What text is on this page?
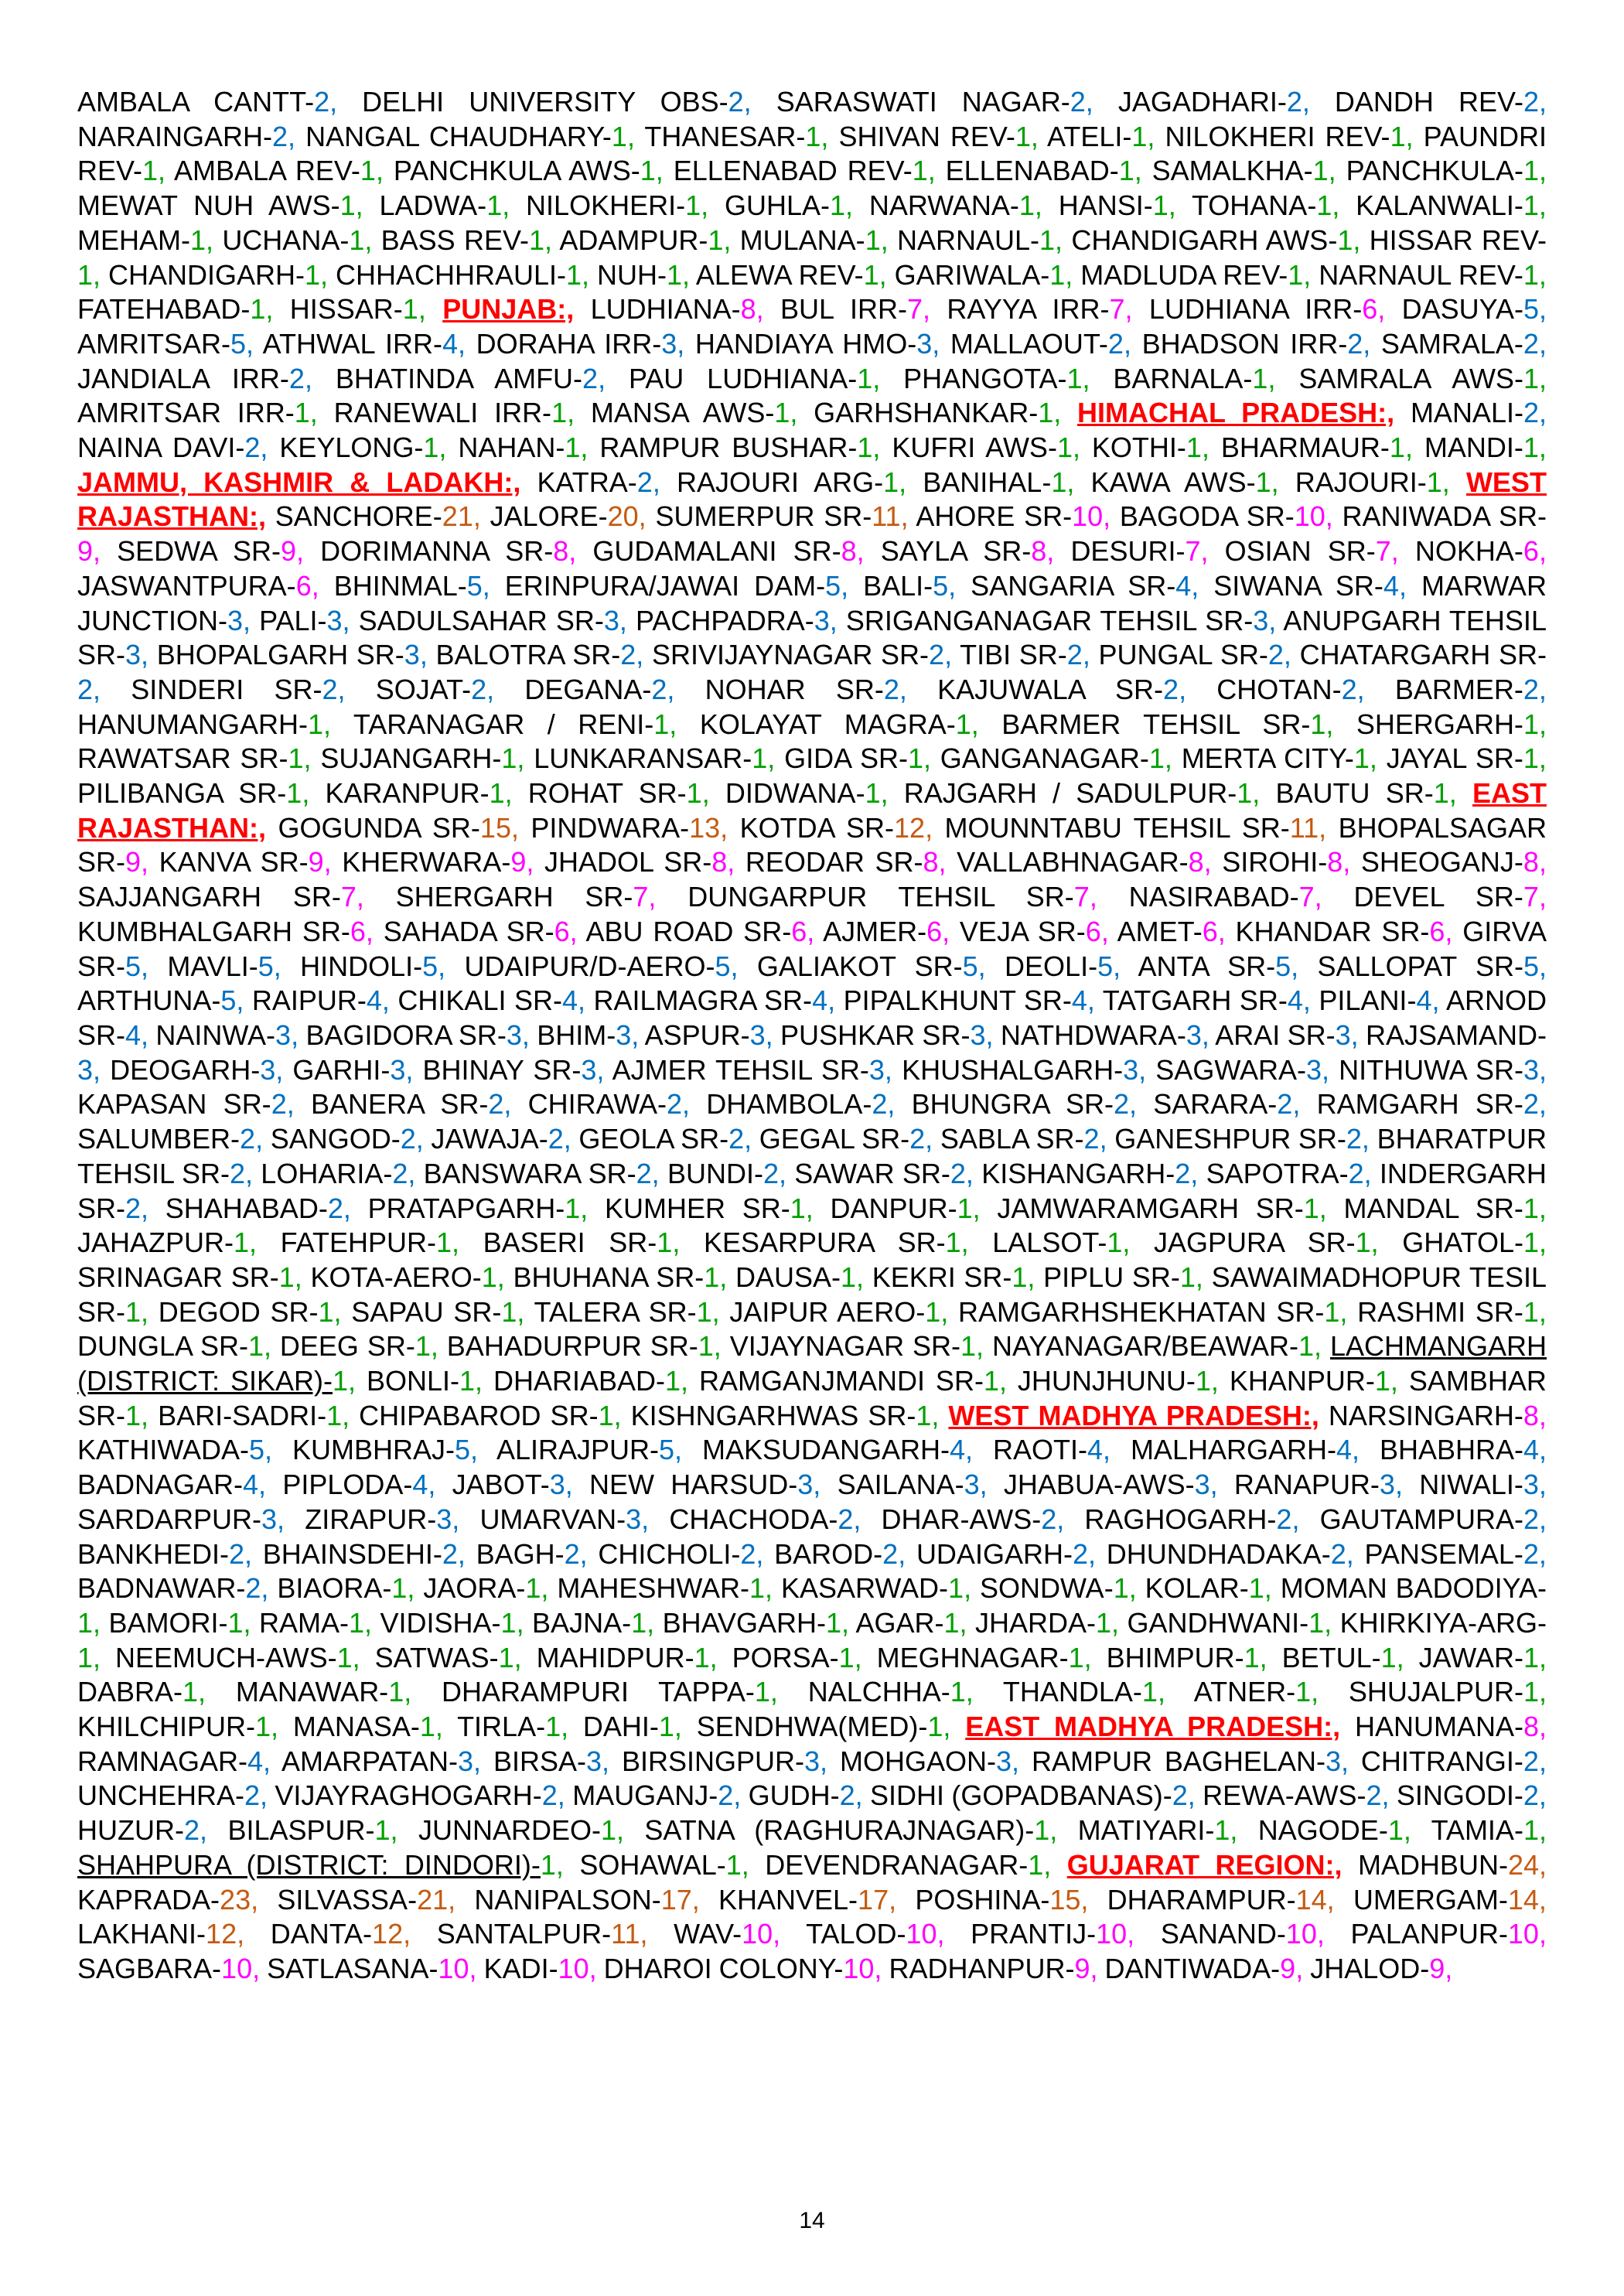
AMBALA CANTT-2, DELHI UNIVERSITY OBS-2, SARASWATI NAGAR-2, JAGADHARI-2, DANDH REV-2, NARAINGARH-2, NANGAL CHAUDHARY-1, THANESAR-1, SHIVAN REV-1, ATELI-1, NILOKHERI REV-1, PAUNDRI REV-1, AMBALA REV-1, PANCHKULA AWS-1, ELLENABAD REV-1, ELLENABAD-1, SAMALKHA-1, PANCHKULA-1, MEWAT NUH AWS-1, LADWA-1, NILOKHERI-1, GUHLA-1, NARWANA-1, HANSI-1, TOHANA-1, KALANWALI-1, MEHAM-1, UCHANA-1, BASS REV-1, ADAMPUR-1, MULANA-1, NARNAUL-1, CHANDIGARH AWS-1, HISSAR REV-1, CHANDIGARH-1, CHHACHHRAULI-1, NUH-1, ALEWA REV-1, GARIWALA-1, MADLUDA REV-1, NARNAUL REV-1, FATEHABAD-1, HISSAR-1, PUNJAB:, LUDHIANA-8, BUL IRR-7, RAYYA IRR-7, LUDHIANA IRR-6, DASUYA-5, AMRITSAR-5, ATHWAL IRR-4, DORAHA IRR-3, HANDIAYA HMO-3, MALLAOUT-2, BHADSON IRR-2, SAMRALA-2, JANDIALA IRR-2, BHATINDA AMFU-2, PAU LUDHIANA-1, PHANGOTA-1, BARNALA-1, SAMRALA AWS-1, AMRITSAR IRR-1, RANEWALI IRR-1, MANSA AWS-1, GARHSHANKAR-1, HIMACHAL PRADESH:, MANALI-2, NAINA DAVI-2, KEYLONG-1, NAHAN-1, RAMPUR BUSHAR-1, KUFRI AWS-1, KOTHI-1, BHARMAUR-1, MANDI-1, JAMMU, KASHMIR & LADAKH:, KATRA-2, RAJOURI ARG-1, BANIHAL-1, KAWA AWS-1, RAJOURI-1, WEST RAJASTHAN:, SANCHORE-21, JALORE-20, SUMERPUR SR-11, AHORE SR-10, BAGODA SR-10, RANIWADA SR-9, SEDWA SR-9, DORIMANNA SR-8, GUDAMALANI SR-8, SAYLA SR-8, DESURI-7, OSIAN SR-7, NOKHA-6, JASWANTPURA-6, BHINMAL-5, ERINPURA/JAWAI DAM-5, BALI-5, SANGARIA SR-4, SIWANA SR-4, MARWAR JUNCTION-3, PALI-3, SADULSAHAR SR-3, PACHPADRA-3, SRIGANGANAGAR TEHSIL SR-3, ANUPGARH TEHSIL SR-3, BHOPALGARH SR-3, BALOTRA SR-2, SRIVIJAYNAGAR SR-2, TIBI SR-2, PUNGAL SR-2, CHATARGARH SR-2, SINDERI SR-2, SOJAT-2, DEGANA-2, NOHAR SR-2, KAJUWALA SR-2, CHOTAN-2, BARMER-2, HANUMANGARH-1, TARANAGAR / RENI-1, KOLAYAT MAGRA-1, BARMER TEHSIL SR-1, SHERGARH-1, RAWATSAR SR-1, SUJANGARH-1, LUNKARANSAR-1, GIDA SR-1, GANGANAGAR-1, MERTA CITY-1, JAYAL SR-1, PILIBANGA SR-1, KARANPUR-1, ROHAT SR-1, DIDWANA-1, RAJGARH / SADULPUR-1, BAUTU SR-1, EAST RAJASTHAN:, GOGUNDA SR-15, PINDWARA-13, KOTDA SR-12, MOUNNTABU TEHSIL SR-11, BHOPALSAGAR SR-9, KANVA SR-9, KHERWARA-9, JHADOL SR-8, REODAR SR-8, VALLABHNAGAR-8, SIROHI-8, SHEOGANJ-8, SAJJANGARH SR-7, SHERGARH SR-7, DUNGARPUR TEHSIL SR-7, NASIRABAD-7, DEVEL SR-7, KUMBHALGARH SR-6, SAHADA SR-6, ABU ROAD SR-6, AJMER-6, VEJA SR-6, AMET-6, KHANDAR SR-6, GIRVA SR-5, MAVLI-5, HINDOLI-5, UDAIPUR/D-AERO-5, GALIAKOT SR-5, DEOLI-5, ANTA SR-5, SALLOPAT SR-5, ARTHUNA-5, RAIPUR-4, CHIKALI SR-4, RAILMAGRA SR-4, PIPALKHUNT SR-4, TATGARH SR-4, PILANI-4, ARNOD SR-4, NAINWA-3, BAGIDORA SR-3, BHIM-3, ASPUR-3, PUSHKAR SR-3, NATHDWARA-3, ARAI SR-3, RAJSAMAND-3, DEOGARH-3, GARHI-3, BHINAY SR-3, AJMER TEHSIL SR-3, KHUSHALGARH-3, SAGWARA-3, NITHUWA SR-3, KAPASAN SR-2, BANERA SR-2, CHIRAWA-2, DHAMBOLA-2, BHUNGRA SR-2, SARARA-2, RAMGARH SR-2, SALUMBER-2, SANGOD-2, JAWAJA-2, GEOLA SR-2, GEGAL SR-2, SABLA SR-2, GANESHPUR SR-2, BHARATPUR TEHSIL SR-2, LOHARIA-2, BANSWARA SR-2, BUNDI-2, SAWAR SR-2, KISHANGARH-2, SAPOTRA-2, INDERGARH SR-2, SHAHABAD-2, PRATAPGARH-1, KUMHER SR-1, DANPUR-1, JAMWARAMGARH SR-1, MANDAL SR-1, JAHAZPUR-1, FATEHPUR-1, BASERI SR-1, KESARPURA SR-1, LALSOT-1, JAGPURA SR-1, GHATOL-1, SRINAGAR SR-1, KOTA-AERO-1, BHUHANA SR-1, DAUSA-1, KEKRI SR-1, PIPLU SR-1, SAWAIMADHOPUR TESIL SR-1, DEGOD SR-1, SAPAU SR-1, TALERA SR-1, JAIPUR AERO-1, RAMGARHSHEKHATAN SR-1, RASHMI SR-1, DUNGLA SR-1, DEEG SR-1, BAHADURPUR SR-1, VIJAYNAGAR SR-1, NAYANAGAR/BEAWAR-1, LACHMANGARH (DISTRICT: SIKAR)-1, BONLI-1, DHARIABAD-1, RAMGANJMANDI SR-1, JHUNJHUNU-1, KHANPUR-1, SAMBHAR SR-1, BARI-SADRI-1, CHIPABAROD SR-1, KISHNGARHWAS SR-1, WEST MADHYA PRADESH:, NARSINGARH-8, KATHIWADA-5, KUMBHRAJ-5, ALIRAJPUR-5, MAKSUDANGARH-4, RAOTI-4, MALHARGARH-4, BHABHRA-4, BADNAGAR-4, PIPLODA-4, JABOT-3, NEW HARSUD-3, SAILANA-3, JHABUA-AWS-3, RANAPUR-3, NIWALI-3, SARDARPUR-3, ZIRAPUR-3, UMARVAN-3, CHACHODA-2, DHAR-AWS-2, RAGHOGARH-2, GAUTAMPURA-2, BANKHEDI-2, BHAINSDEHI-2, BAGH-2, CHICHOLI-2, BAROD-2, UDAIGARH-2, DHUNDHADAKA-2, PANSEMAL-2, BADNAWAR-2, BIAORA-1, JAORA-1, MAHESHWAR-1, KASARWAD-1, SONDWA-1, KOLAR-1, MOMAN BADODIYA-1, BAMORI-1, RAMA-1, VIDISHA-1, BAJNA-1, BHAVGARH-1, AGAR-1, JHARDA-1, GANDHWANI-1, KHIRKIYA-ARG-1, NEEMUCH-AWS-1, SATWAS-1, MAHIDPUR-1, PORSA-1, MEGHNAGAR-1, BHIMPUR-1, BETUL-1, JAWAR-1, DABRA-1, MANAWAR-1, DHARAMPURI TAPPA-1, NALCHHA-1, THANDLA-1, ATNER-1, SHUJALPUR-1, KHILCHIPUR-1, MANASA-1, TIRLA-1, DAHI-1, SENDHWA(MED)-1, EAST MADHYA PRADESH:, HANUMANA-8, RAMNAGAR-4, AMARPATAN-3, BIRSA-3, BIRSINGPUR-3, MOHGAON-3, RAMPUR BAGHELAN-3, CHITRANGI-2, UNCHEHRA-2, VIJAYRAGHOGARH-2, MAUGANJ-2, GUDH-2, SIDHI (GOPADBANAS)-2, REWA-AWS-2, SINGODI-2, HUZUR-2, BILASPUR-1, JUNNARDEO-1, SATNA (RAGHURAJNAGAR)-1, MATIYARI-1, NAGODE-1, TAMIA-1, SHAHPURA (DISTRICT: DINDORI)-1, SOHAWAL-1, DEVENDRANAGAR-1, GUJARAT REGION:, MADHBUN-24, KAPRADA-23, SILVASSA-21, NANIPALSON-17, KHANVEL-17, POSHINA-15, DHARAMPUR-14, UMERGAM-14, LAKHANI-12, DANTA-12, SANTALPUR-11, WAV-10, TALOD-10, PRANTIJ-10, SANAND-10, PALANPUR-10, SAGBARA-10, SATLASANA-10, KADI-10, DHAROI COLONY-10, RADHANPUR-9, DANTIWADA-9, JHALOD-9,
14
